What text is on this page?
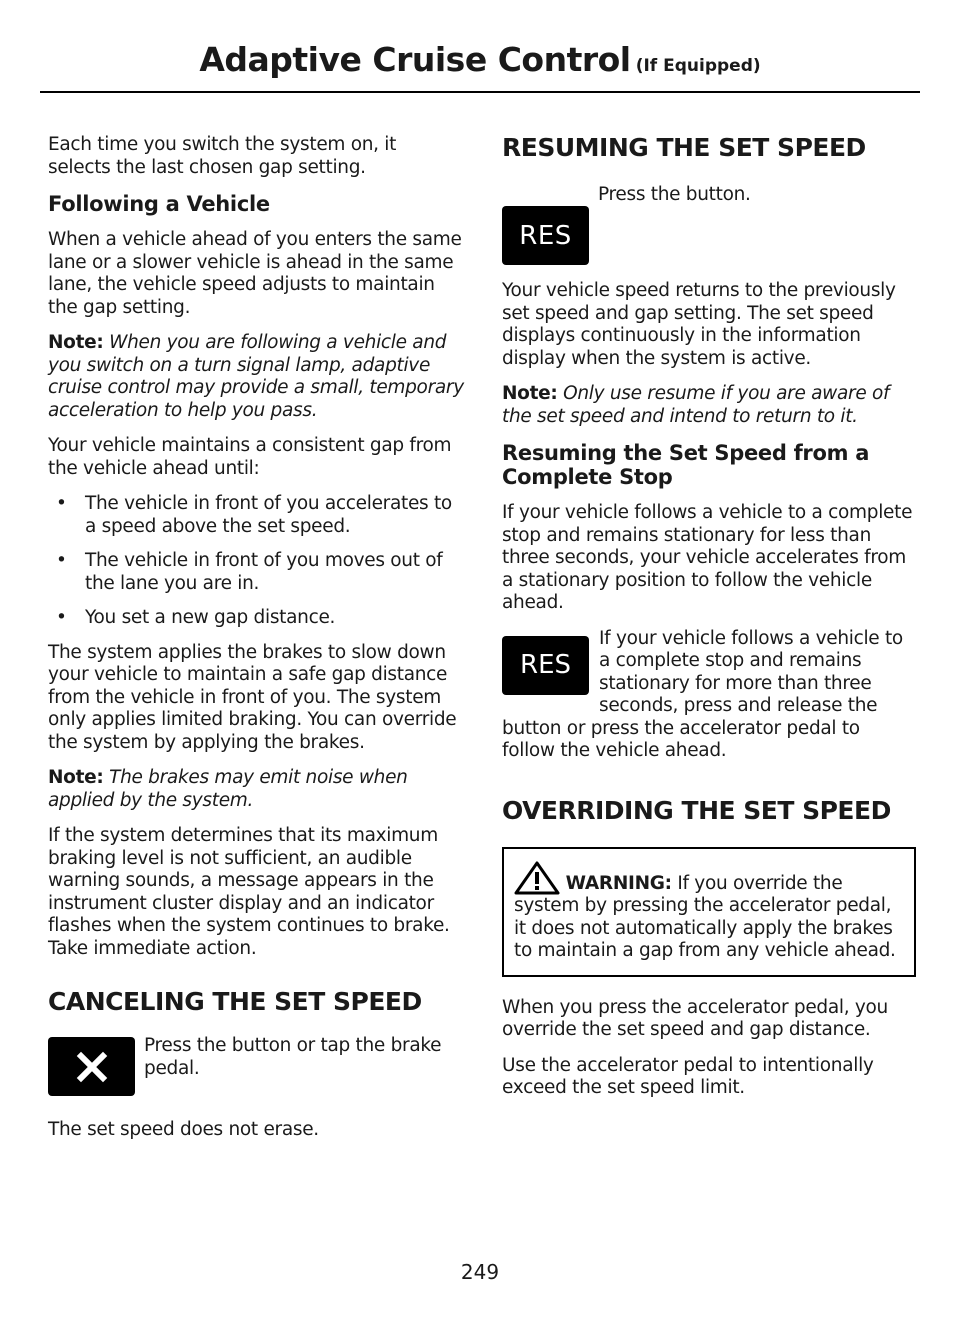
Adaptive Cruise Control (If Equipped)

Each time you switch the system on, it selects the last chosen gap setting.

Following a Vehicle

When a vehicle ahead of you enters the same lane or a slower vehicle is ahead in the same lane, the vehicle speed adjusts to maintain the gap setting.

Note: When you are following a vehicle and you switch on a turn signal lamp, adaptive cruise control may provide a small, temporary acceleration to help you pass.

Your vehicle maintains a consistent gap from the vehicle ahead until:

• The vehicle in front of you accelerates to a speed above the set speed.
• The vehicle in front of you moves out of the lane you are in.
• You set a new gap distance.

The system applies the brakes to slow down your vehicle to maintain a safe gap distance from the vehicle in front of you. The system only applies limited braking. You can override the system by applying the brakes.

Note: The brakes may emit noise when applied by the system.

If the system determines that its maximum braking level is not sufficient, an audible warning sounds, a message appears in the instrument cluster display and an indicator flashes when the system continues to brake. Take immediate action.

CANCELING THE SET SPEED

Press the button or tap the brake pedal.

The set speed does not erase.

RESUMING THE SET SPEED
RES

Press the button.

Your vehicle speed returns to the previously set speed and gap setting. The set speed displays continuously in the information display when the system is active.

Note: Only use resume if you are aware of the set speed and intend to return to it.

Resuming the Set Speed from a Complete Stop

If your vehicle follows a vehicle to a complete stop and remains stationary for less than three seconds, your vehicle accelerates from a stationary position to follow the vehicle ahead.

RES

If your vehicle follows a vehicle to a complete stop and remains stationary for more than three seconds, press and release the button or press the accelerator pedal to follow the vehicle ahead.

OVERRIDING THE SET SPEED

WARNING: If you override the system by pressing the accelerator pedal, it does not automatically apply the brakes to maintain a gap from any vehicle ahead.

When you press the accelerator pedal, you override the set speed and gap distance.

Use the accelerator pedal to intentionally exceed the set speed limit.

249
